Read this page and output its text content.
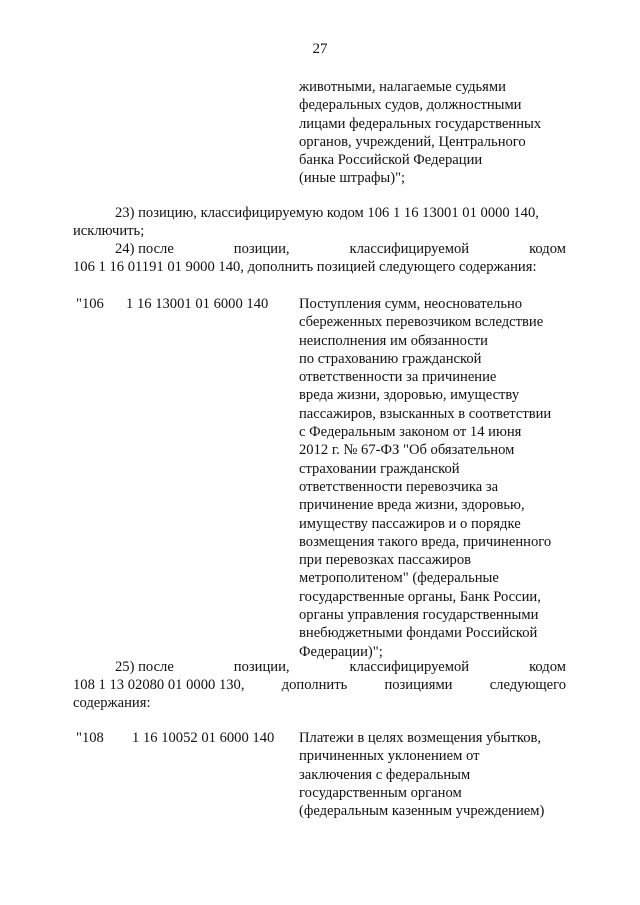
27
животными, налагаемые судьями
федеральных судов, должностными
лицами федеральных государственных
органов, учреждений, Центрального
банка Российской Федерации
(иные штрафы)";
23) позицию, классифицируемую кодом 106 1 16 13001 01 0000 140,
исключить;
24) после	позиции,	классифицируемой	кодом
106 1 16 01191 01 9000 140, дополнить позицией следующего содержания:
"106 1 16 13001 01 6000 140 Поступления сумм, неосновательно
сбереженных перевозчиком вследствие
неисполнения им обязанности
по страхованию гражданской
ответственности за причинение
вреда жизни, здоровью, имуществу
пассажиров, взысканных в соответствии
с Федеральным законом от 14 июня
2012 г. № 67-ФЗ "Об обязательном
страховании гражданской
ответственности перевозчика за
причинение вреда жизни, здоровью,
имуществу пассажиров и о порядке
возмещения такого вреда, причиненного
при перевозках пассажиров
метрополитеном" (федеральные
государственные органы, Банк России,
органы управления государственными
внебюджетными фондами Российской
Федерации)";
25) после	позиции,	классифицируемой	кодом
108 1 13 02080 01 0000 130,	дополнить	позициями	следующего
содержания:
"108 1 16 10052 01 6000 140 Платежи в целях возмещения убытков,
причиненных уклонением от
заключения с федеральным
государственным органом
(федеральным казенным учреждением)
